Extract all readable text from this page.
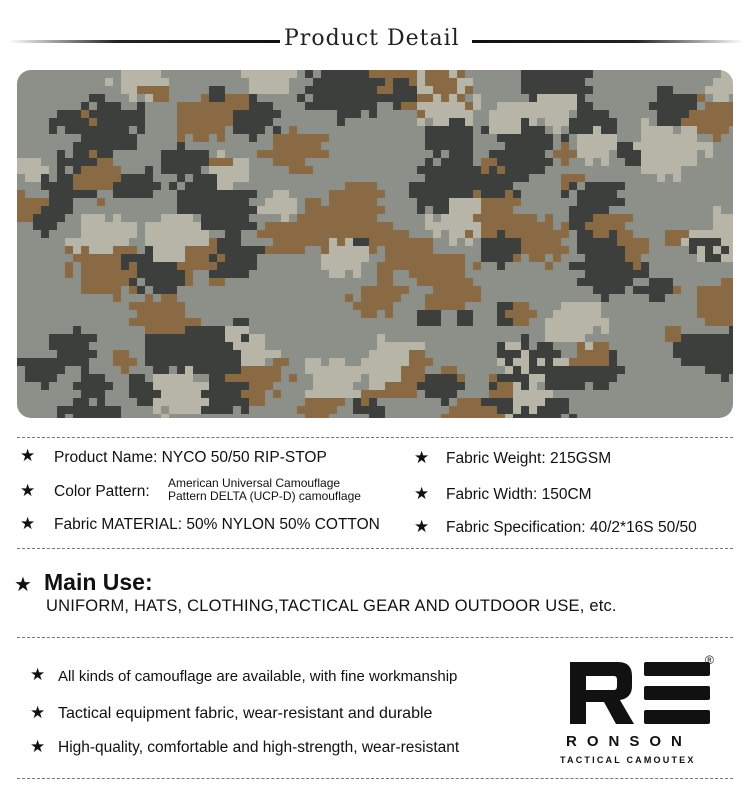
Product Detail
★ Product Name: NYCO 50/50 RIP-STOP
★ Color Pattern: American Universal Camouflage
Pattern DELTA (UCP-D) camouflage
★ Fabric MATERIAL: 50% NYLON 50% COTTON
★ Fabric Weight: 215GSM
★ Fabric Width: 150CM
★ Fabric Specification: 40/2*16S 50/50
★ Main Use:
UNIFORM, HATS, CLOTHING,TACTICAL GEAR AND OUTDOOR USE, etc.
★ All kinds of camouflage are available, with fine workmanship
★ Tactical equipment fabric, wear-resistant and durable
★ High-quality, comfortable and high-strength, wear-resistant
®
RONSON
TACTICAL CAMOUTEX
